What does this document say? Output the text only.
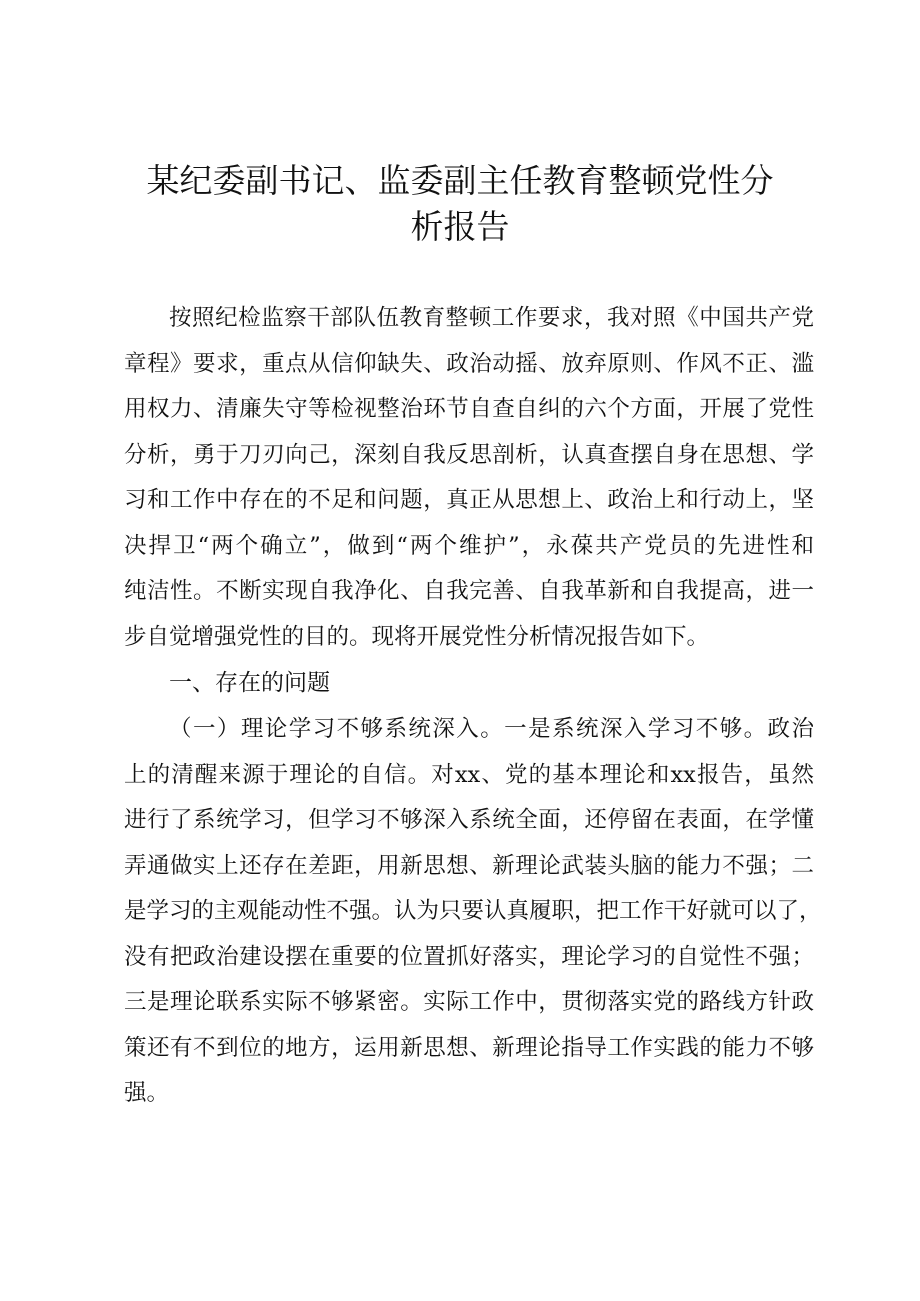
某纪委副书记、监委副主任教育整顿党性分
析报告
按照纪检监察干部队伍教育整顿工作要求，我对照《中国共产党
章程》要求，重点从信仰缺失、政治动摇、放弃原则、作风不正、滥
用权力、清廉失守等检视整治环节自查自纠的六个方面，开展了党性
分析，勇于刀刃向己，深刻自我反思剖析，认真查摆自身在思想、学
习和工作中存在的不足和问题，真正从思想上、政治上和行动上，坚
决捍卫“两个确立”，做到“两个维护”，永葆共产党员的先进性和
纯洁性。不断实现自我净化、自我完善、自我革新和自我提高，进一
步自觉增强党性的目的。现将开展党性分析情况报告如下。
一、存在的问题
（一）理论学习不够系统深入。一是系统深入学习不够。政治
上的清醒来源于理论的自信。对xx、党的基本理论和xx报告，虽然
进行了系统学习，但学习不够深入系统全面，还停留在表面，在学懂
弄通做实上还存在差距，用新思想、新理论武装头脑的能力不强；二
是学习的主观能动性不强。认为只要认真履职，把工作干好就可以了，
没有把政治建设摆在重要的位置抓好落实，理论学习的自觉性不强；
三是理论联系实际不够紧密。实际工作中，贯彻落实党的路线方针政
策还有不到位的地方，运用新思想、新理论指导工作实践的能力不够
强。
